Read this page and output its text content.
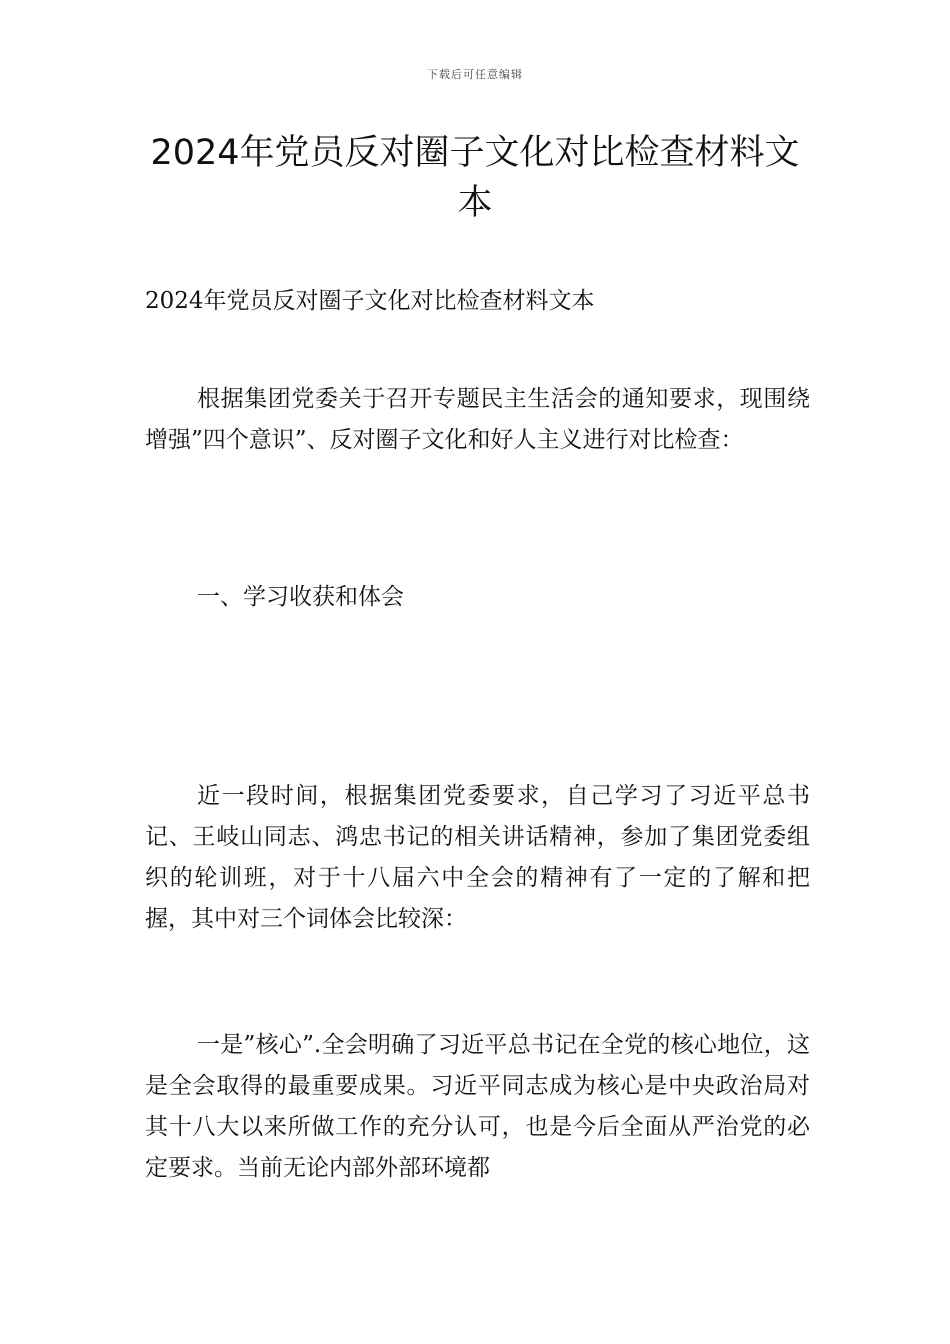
下载后可任意编辑
2024年党员反对圈子文化对比检查材料文本

2024年党员反对圈子文化对比检查材料文本

根据集团党委关于召开专题民主生活会的通知要求，现围绕增强”四个意识”、反对圈子文化和好人主义进行对比检查：

一、学习收获和体会

近一段时间，根据集团党委要求，自己学习了习近平总书记、王岐山同志、鸿忠书记的相关讲话精神，参加了集团党委组织的轮训班，对于十八届六中全会的精神有了一定的了解和把握，其中对三个词体会比较深：

一是”核心”.全会明确了习近平总书记在全党的核心地位，这是全会取得的最重要成果。习近平同志成为核心是中央政治局对其十八大以来所做工作的充分认可，也是今后全面从严治党的必定要求。当前无论内部外部环境都
